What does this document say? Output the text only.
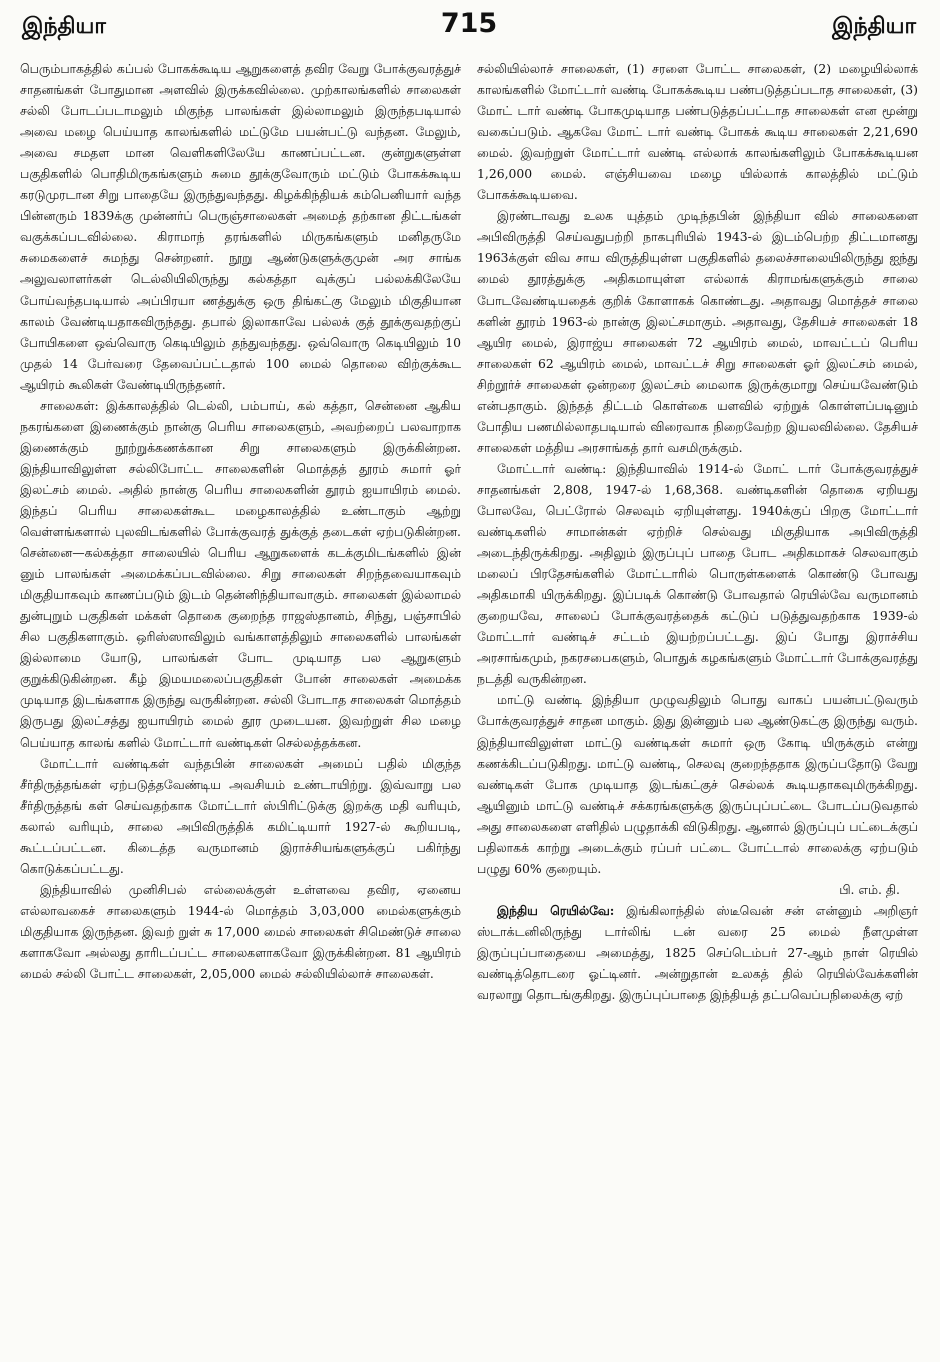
இந்தியா	715	இந்தியா

பெரும்பாகத்தில் கப்பல் போகக்கூடிய ஆறுகளைத் தவிர வேறு போக்குவரத்துச் சாதனங்கள் போதுமான அளவில் இருக்கவில்லை. முற்காலங்களில் சாலைகள் சல்லி போடப்படாமலும் மிகுந்த பாலங்கள் இல்லாமலும் இருந்தபடியால் அவை மழை பெய்யாத காலங்களில் மட்டுமே பயன்பட்டு வந்தன. மேலும், அவை சமதள மான வெளிகளிலேயே காணப்பட்டன. குன்றுகளுள்ள பகுதிகளில் பொதிமிருகங்களும் சுமை தூக்குவோரும் மட்டும் போகக்கூடிய கரடுமுரடான சிறு பாதையே இருந்துவந்தது. கிழக்கிந்தியக் கம்பெனியார் வந்த பின்னரும் 1839க்கு முன்னர்ப் பெருஞ்சாலைகள் அமைத் தற்கான திட்டங்கள் வகுக்கப்படவில்லை. கிராமாந் தரங்களில் மிருகங்களும் மனிதருமே சுமைகளைச் சுமந்து சென்றனர். நூறு ஆண்டுகளுக்குமுன் அர சாங்க அலுவலாளர்கள் டெல்லியிலிருந்து கல்கத்தா வுக்குப் பல்லக்கிலேயே போய்வந்தபடியால் அப்பிரயா ணத்துக்கு ஒரு திங்கட்கு மேலும் மிகுதியான காலம் வேண்டியதாகவிருந்தது. தபால் இலாகாவே பல்லக் குத் தூக்குவதற்குப் போயிகளை ஒவ்வொரு கெடியிலும் தந்துவந்தது. ஒவ்வொரு கெடியிலும் 10 முதல் 14 பேர்வரை தேவைப்பட்டதால் 100 மைல் தொலை விற்குக்கூட ஆயிரம் கூலிகள் வேண்டியிருந்தனர்.

சாலைகள்: இக்காலத்தில் டெல்லி, பம்பாய், கல் கத்தா, சென்னை ஆகிய நகரங்களை இணைக்கும் நான்கு பெரிய சாலைகளும், அவற்றைப் பலவாறாக இணைக்கும் நூற்றுக்கணக்கான சிறு சாலைகளும் இருக்கின்றன. இந்தியாவிலுள்ள சல்லிபோட்ட சாலைகளின் மொத்தத் தூரம் சுமார் ஓர் இலட்சம் மைல். அதில் நான்கு பெரிய சாலைகளின் தூரம் ஐயாயிரம் மைல். இந்தப் பெரிய சாலைகள்கூட மழைகாலத்தில் உண்டாகும் ஆற்று வெள்ளங்களால் புலவிடங்களில் போக்குவரத் துக்குத் தடைகள் ஏற்படுகின்றன. சென்னை—கல்கத்தா சாலையில் பெரிய ஆறுகளைக் கடக்குமிடங்களில் இன் னும் பாலங்கள் அமைக்கப்படவில்லை. சிறு சாலைகள் சிறந்தவையாகவும் மிகுதியாகவும் காணப்படும் இடம் தென்னிந்தியாவாகும். சாலைகள் இல்லாமல் துன்புறும் பகுதிகள் மக்கள் தொகை குறைந்த ராஜஸ்தானம், சிந்து, பஞ்சாபில் சில பகுதிகளாகும். ஒரிஸ்ஸாவிலும் வங்காளத்திலும் சாலைகளில் பாலங்கள் இல்லாமை யோடு, பாலங்கள் போட முடியாத பல ஆறுகளும் குறுக்கிடுகின்றன. கீழ் இமயமலைப்பகுதிகள் போன் சாலைகள் அமைக்க முடியாத இடங்களாக இருந்து வருகின்றன. சல்லி போடாத சாலைகள் மொத்தம் இருபது இலட்சத்து ஐயாயிரம் மைல் தூர முடையன. இவற்றுள் சில மழை பெய்யாத காலங் களில் மோட்டார் வண்டிகள் செல்லத்தக்கன.

மோட்டார் வண்டிகள் வந்தபின் சாலைகள் அமைப் பதில் மிகுந்த சீர்திருத்தங்கள் ஏற்படுத்தவேண்டிய அவசியம் உண்டாயிற்று. இவ்வாறு பல சீர்திருத்தங் கள் செய்வதற்காக மோட்டார் ஸ்பிரிட்டுக்கு இறக்கு மதி வரியும், கலால் வரியும், சாலை அபிவிருத்திக் கமிட்டியார் 1927-ல் கூறியபடி, கூட்டப்பட்டன. கிடைத்த வருமானம் இராச்சியங்களுக்குப் பகிர்ந்து கொடுக்கப்பட்டது.

இந்தியாவில் முனிசிபல் எல்லைக்குள் உள்ளவை தவிர, ஏனைய எல்லாவகைச் சாலைகளும் 1944-ல் மொத்தம் 3,03,000 மைல்களுக்கும் மிகுதியாக இருந்தன. இவற் றுள் சு 17,000 மைல் சாலைகள் சிமெண்டுச் சாலை களாகவோ அல்லது தாரிடப்பட்ட சாலைகளாகவோ இருக்கின்றன. 81 ஆயிரம் மைல் சல்லி போட்ட சாலைகள், 2,05,000 மைல் சல்லியில்லாச் சாலைகள்.

சல்லியில்லாச் சாலைகள், (1) சரளை போட்ட சாலைகள், (2) மழையில்லாக் காலங்களில் மோட்டார் வண்டி போகக்கூடிய பண்படுத்தப்படாத சாலைகள், (3) மோட் டார் வண்டி போகமுடியாத பண்படுத்தப்பட்டாத சாலைகள் என மூன்று வகைப்படும். ஆகவே மோட் டார் வண்டி போகக் கூடிய சாலைகள் 2,21,690 மைல். இவற்றுள் மோட்டார் வண்டி எல்லாக் காலங்களிலும் போகக்கூடியன 1,26,000 மைல். எஞ்சியவை மழை யில்லாக் காலத்தில் மட்டும் போகக்கூடியவை.

இரண்டாவது உலக யுத்தம் முடிந்தபின் இந்தியா வில் சாலைகளை அபிவிருத்தி செய்வதுபற்றி நாகபுரியில் 1943-ல் இடம்பெற்ற திட்டமானது 1963க்குள் விவ சாய விருத்தியுள்ள பகுதிகளில் தலைச்சாலையிலிருந்து ஐந்து மைல் தூரத்துக்கு அதிகமாயுள்ள எல்லாக் கிராமங்களுக்கும் சாலை போடவேண்டியதைக் குறிக் கோளாகக் கொண்டது. அதாவது மொத்தச் சாலை களின் தூரம் 1963-ல் நான்கு இலட்சமாகும். அதாவது, தேசியச் சாலைகள் 18 ஆயிர மைல், இராஜ்ய சாலைகள் 72 ஆயிரம் மைல், மாவட்டப் பெரிய சாலைகள் 62 ஆயிரம் மைல், மாவட்டச் சிறு சாலைகள் ஓர் இலட்சம் மைல், சிற்றூர்ச் சாலைகள் ஒன்றரை இலட்சம் மைலாக இருக்குமாறு செய்யவேண்டும் என்பதாகும். இந்தத் திட்டம் கொள்கை யளவில் ஏற்றுக் கொள்ளப்படினும் போதிய பணமில்லாதபடியால் விரைவாக நிறைவேற்ற இயலவில்லை. தேசியச் சாலைகள் மத்திய அரசாங்கத் தார் வசமிருக்கும்.

மோட்டார் வண்டி: இந்தியாவில் 1914-ல் மோட் டார் போக்குவரத்துச் சாதனங்கள் 2,808, 1947-ல் 1,68,368. வண்டிகளின் தொகை ஏறியது போலவே, பெட்ரோல் செலவும் ஏறியுள்ளது. 1940க்குப் பிறகு மோட்டார் வண்டிகளில் சாமான்கள் ஏற்றிச் செல்வது மிகுதியாக அபிவிருத்தி அடைந்திருக்கிறது. அதிலும் இருப்புப் பாதை போட அதிகமாகச் செலவாகும் மலைப் பிரதேசங்களில் மோட்டாரில் பொருள்களைக் கொண்டு போவது அதிகமாகி யிருக்கிறது. இப்படிக் கொண்டு போவதால் ரெயில்வே வருமானம் குறையவே, சாலைப் போக்குவரத்தைக் கட்டுப் படுத்துவதற்காக 1939-ல் மோட்டார் வண்டிச் சட்டம் இயற்றப்பட்டது. இப் போது இராச்சிய அரசாங்கமும், நகரசபைகளும், பொதுக் கழகங்களும் மோட்டார் போக்குவரத்து நடத்தி வருகின்றன.

மாட்டு வண்டி இந்தியா முழுவதிலும் பொது வாகப் பயன்பட்டுவரும் போக்குவரத்துச் சாதன மாகும். இது இன்னும் பல ஆண்டுகட்கு இருந்து வரும். இந்தியாவிலுள்ள மாட்டு வண்டிகள் சுமார் ஒரு கோடி யிருக்கும் என்று கணக்கிடப்படுகிறது. மாட்டு வண்டி, செலவு குறைந்ததாக இருப்பதோடு வேறு வண்டிகள் போக முடியாத இடங்கட்குச் செல்லக் கூடியதாகவுமிருக்கிறது. ஆயினும் மாட்டு வண்டிச் சக்கரங்களுக்கு இருப்புப்பட்டை போடப்படுவதால் அது சாலைகளை எளிதில் பழுதாக்கி விடுகிறது. ஆனால் இருப்புப் பட்டைக்குப் பதிலாகக் காற்று அடைக்கும் ரப்பர் பட்டை போட்டால் சாலைக்கு ஏற்படும் பழுது 60% குறையும்.

பி. எம். தி.

இந்திய ரெயில்வே: இங்கிலாந்தில் ஸ்டீவென் சன் என்னும் அறிஞர் ஸ்டாக்டனிலிருந்து டார்லிங் டன் வரை 25 மைல் நீளமுள்ள இருப்புப்பாதையை அமைத்து, 1825 செப்டெம்பர் 27-ஆம் நாள் ரெயில் வண்டித்தொடரை ஓட்டினர். அன்றுதான் உலகத் தில் ரெயில்வேக்களின் வரலாறு தொடங்குகிறது. இருப்புப்பாதை இந்தியத் தட்பவெப்பநிலைக்கு ஏற்
